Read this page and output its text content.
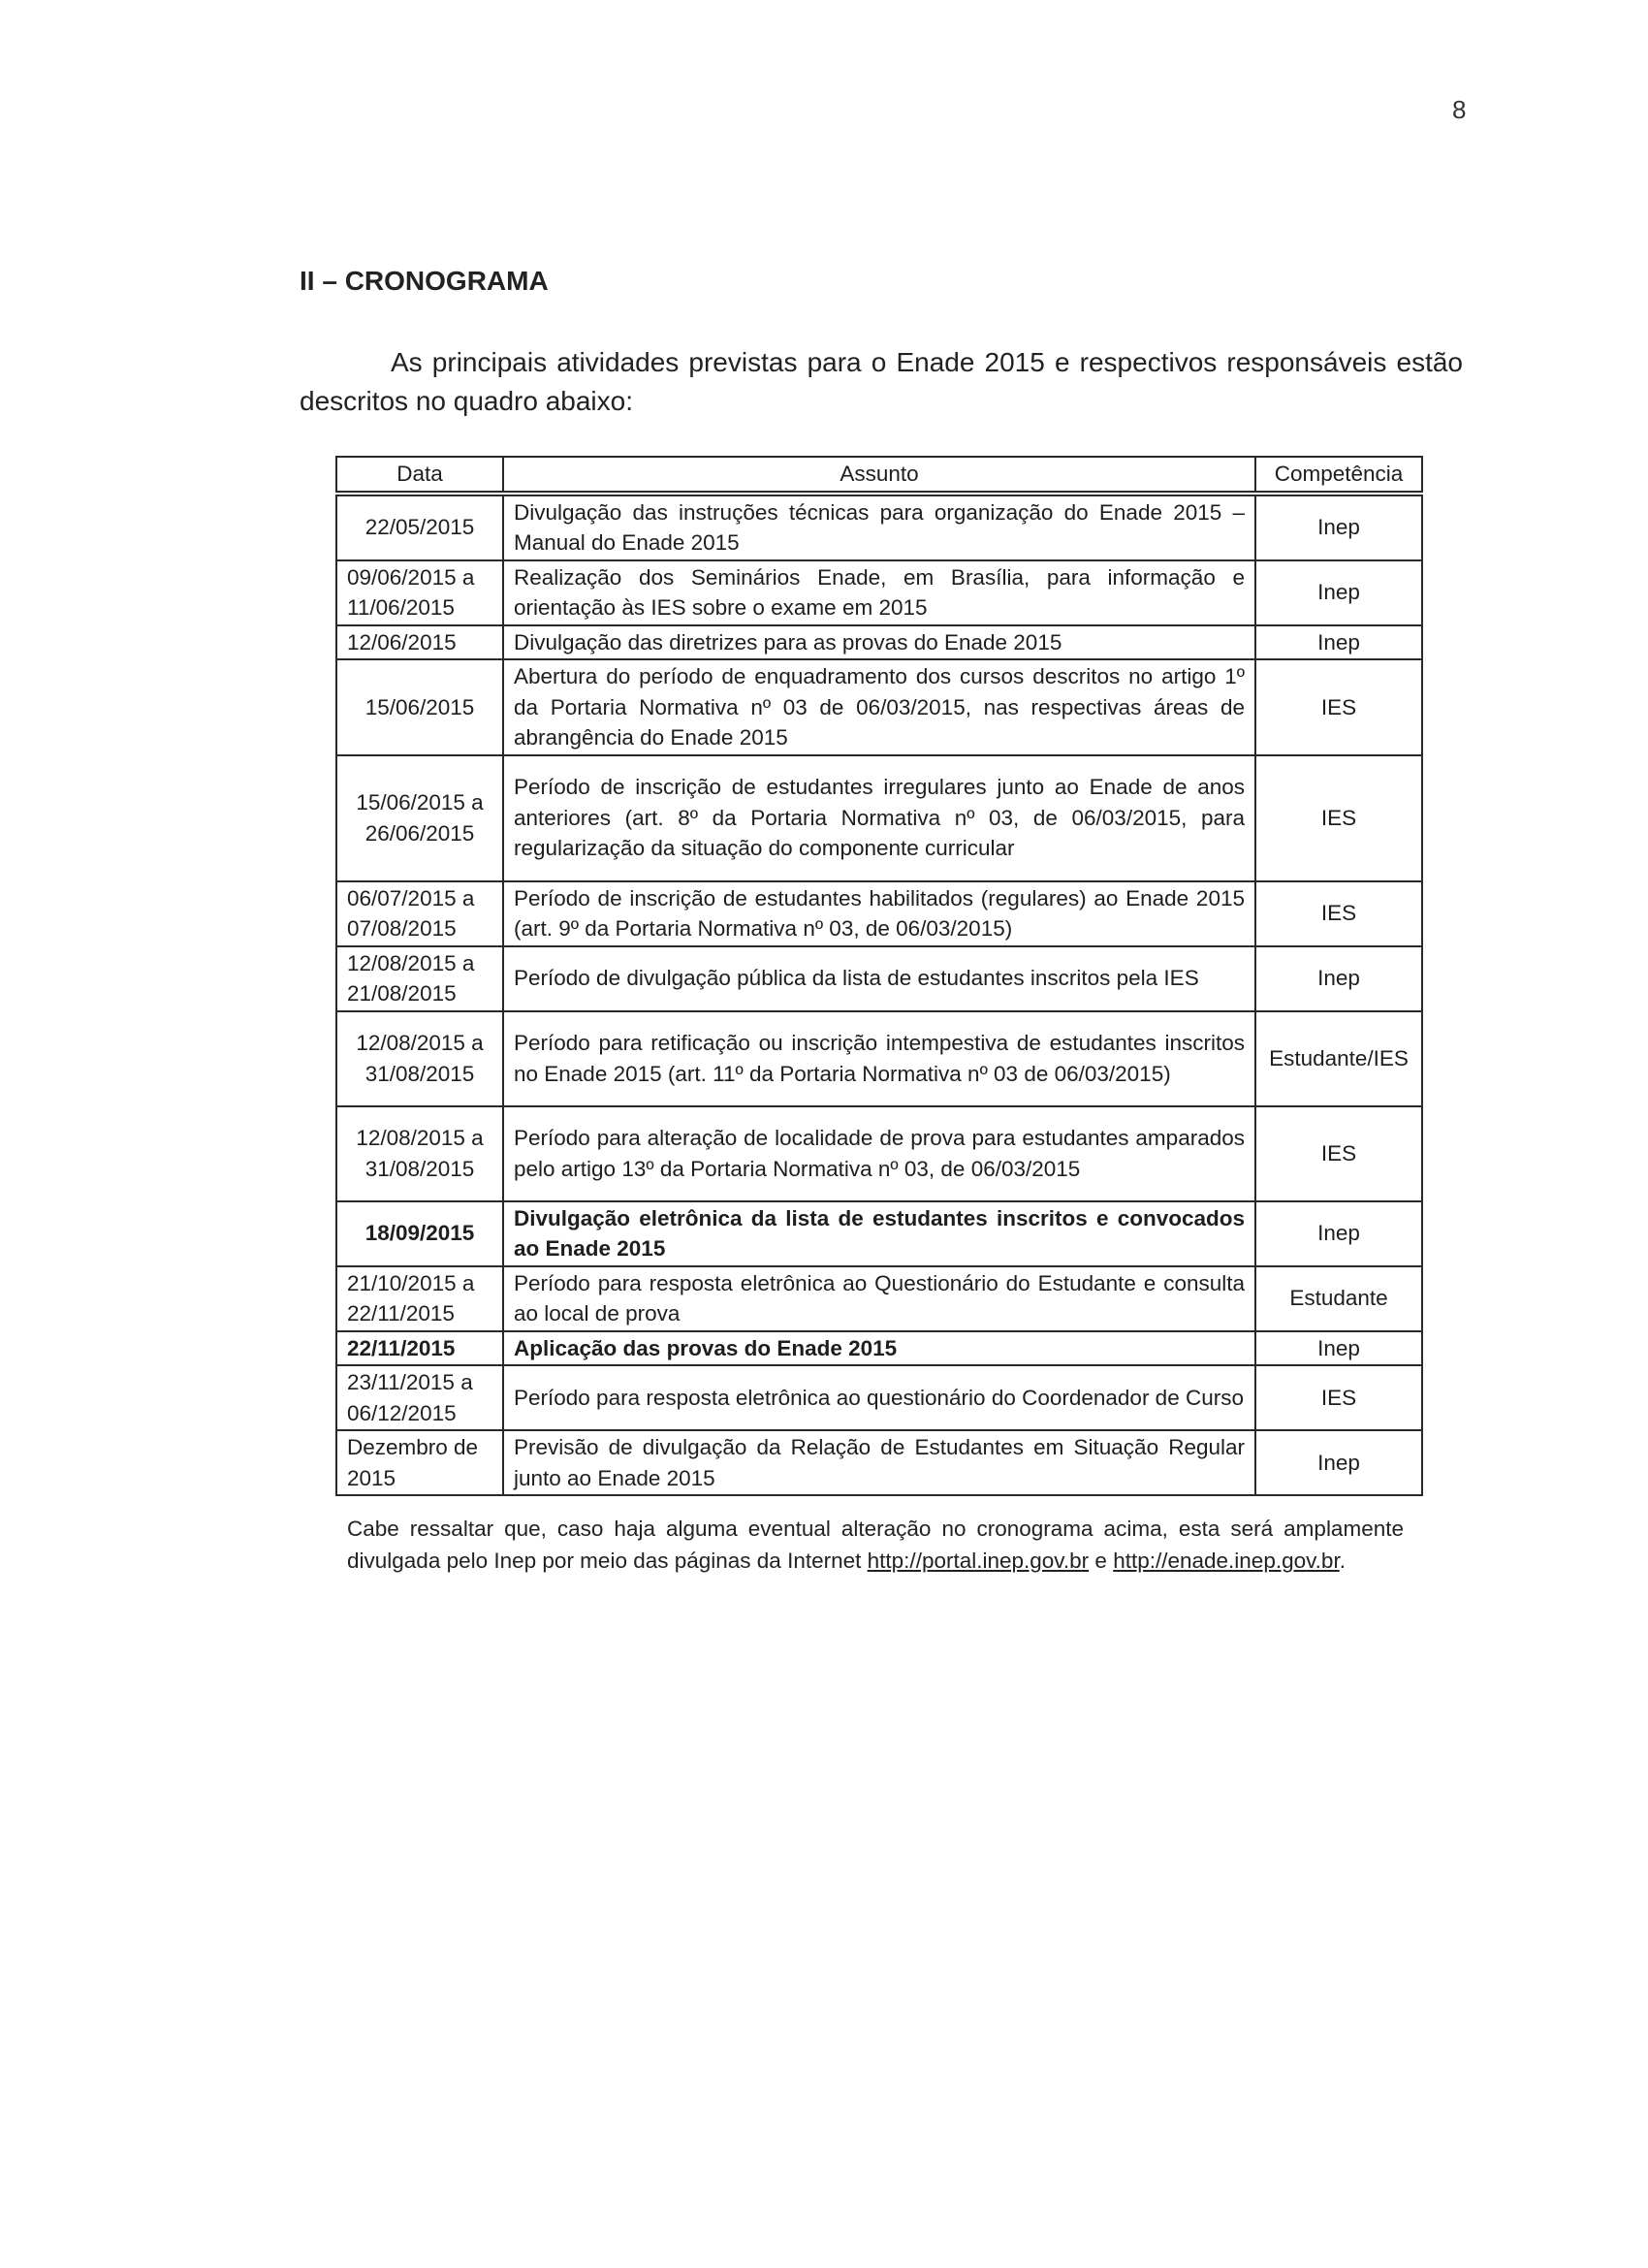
8
II – CRONOGRAMA

As principais atividades previstas para o Enade 2015 e respectivos responsáveis estão descritos no quadro abaixo:

Data	Assunto	Competência
22/05/2015	Divulgação das instruções técnicas para organização do Enade 2015 – Manual do Enade 2015	Inep
09/06/2015 a 11/06/2015	Realização dos Seminários Enade, em Brasília, para informação e orientação às IES sobre o exame em 2015	Inep
12/06/2015	Divulgação das diretrizes para as provas do Enade 2015	Inep
15/06/2015	Abertura do período de enquadramento dos cursos descritos no artigo 1º da Portaria Normativa nº 03 de 06/03/2015, nas respectivas áreas de abrangência do Enade 2015	IES
15/06/2015 a 26/06/2015	Período de inscrição de estudantes irregulares junto ao Enade de anos anteriores (art. 8º da Portaria Normativa nº 03, de 06/03/2015, para regularização da situação do componente curricular	IES
06/07/2015 a 07/08/2015	Período de inscrição de estudantes habilitados (regulares) ao Enade 2015 (art. 9º da Portaria Normativa nº 03, de 06/03/2015)	IES
12/08/2015 a 21/08/2015	Período de divulgação pública da lista de estudantes inscritos pela IES	Inep
12/08/2015 a 31/08/2015	Período para retificação ou inscrição intempestiva de estudantes inscritos no Enade 2015 (art. 11º da Portaria Normativa nº 03 de 06/03/2015)	Estudante/IES
12/08/2015 a 31/08/2015	Período para alteração de localidade de prova para estudantes amparados pelo artigo 13º da Portaria Normativa nº 03, de 06/03/2015	IES
18/09/2015	Divulgação eletrônica da lista de estudantes inscritos e convocados ao Enade 2015	Inep
21/10/2015 a 22/11/2015	Período para resposta eletrônica ao Questionário do Estudante e consulta ao local de prova	Estudante
22/11/2015	Aplicação das provas do Enade 2015	Inep
23/11/2015 a 06/12/2015	Período para resposta eletrônica ao questionário do Coordenador de Curso	IES
Dezembro de 2015	Previsão de divulgação da Relação de Estudantes em Situação Regular junto ao Enade 2015	Inep

Cabe ressaltar que, caso haja alguma eventual alteração no cronograma acima, esta será amplamente divulgada pelo Inep por meio das páginas da Internet http://portal.inep.gov.br e http://enade.inep.gov.br.
